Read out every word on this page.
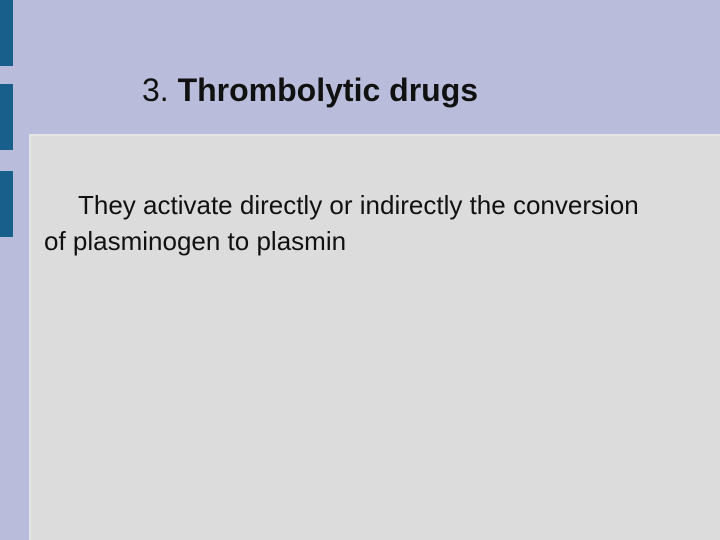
3. Thrombolytic drugs

They activate directly or indirectly the conversion of plasminogen to plasmin
